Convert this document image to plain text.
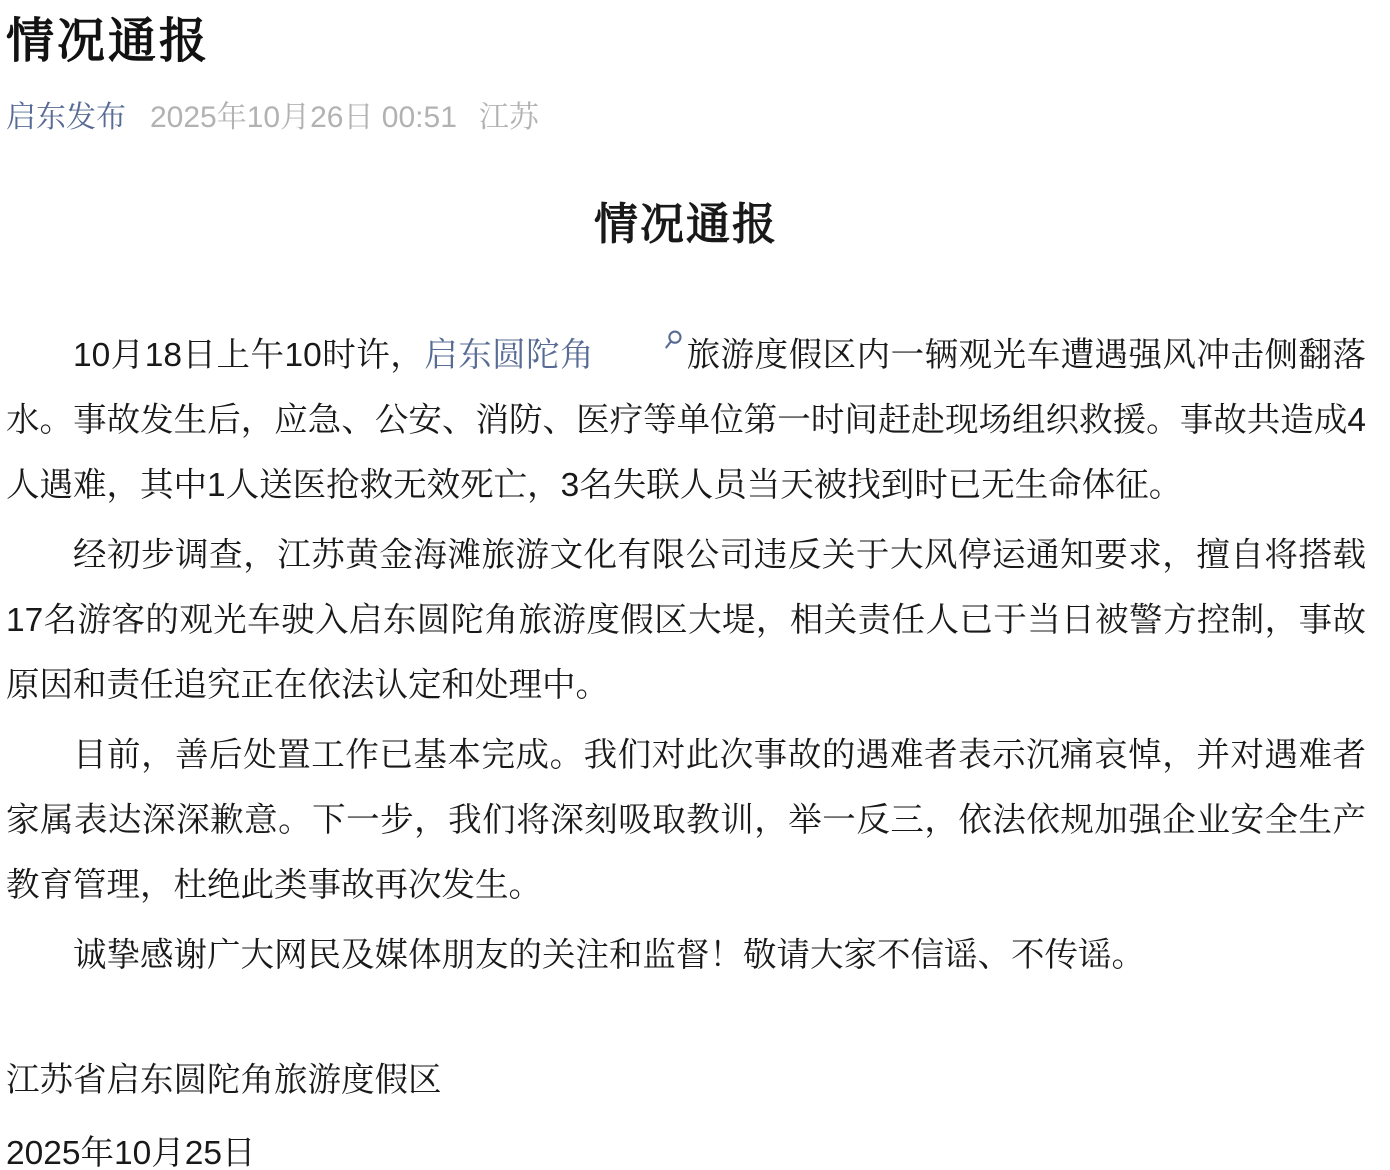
情况通报
启东发布 2025年10月26日 00:51 江苏
情况通报

10月18日上午10时许，启东圆陀角	旅游度假区内一辆观光车遭遇强风冲击侧翻落水。事故发生后，应急、公安、消防、医疗等单位第一时间赶赴现场组织救援。事故共造成4人遇难，其中1人送医抢救无效死亡，3名失联人员当天被找到时已无生命体征。

经初步调查，江苏黄金海滩旅游文化有限公司违反关于大风停运通知要求，擅自将搭载17名游客的观光车驶入启东圆陀角旅游度假区大堤，相关责任人已于当日被警方控制，事故原因和责任追究正在依法认定和处理中。

目前，善后处置工作已基本完成。我们对此次事故的遇难者表示沉痛哀悼，并对遇难者家属表达深深歉意。下一步，我们将深刻吸取教训，举一反三，依法依规加强企业安全生产教育管理，杜绝此类事故再次发生。

诚挚感谢广大网民及媒体朋友的关注和监督！敬请大家不信谣、不传谣。

江苏省启东圆陀角旅游度假区

2025年10月25日
